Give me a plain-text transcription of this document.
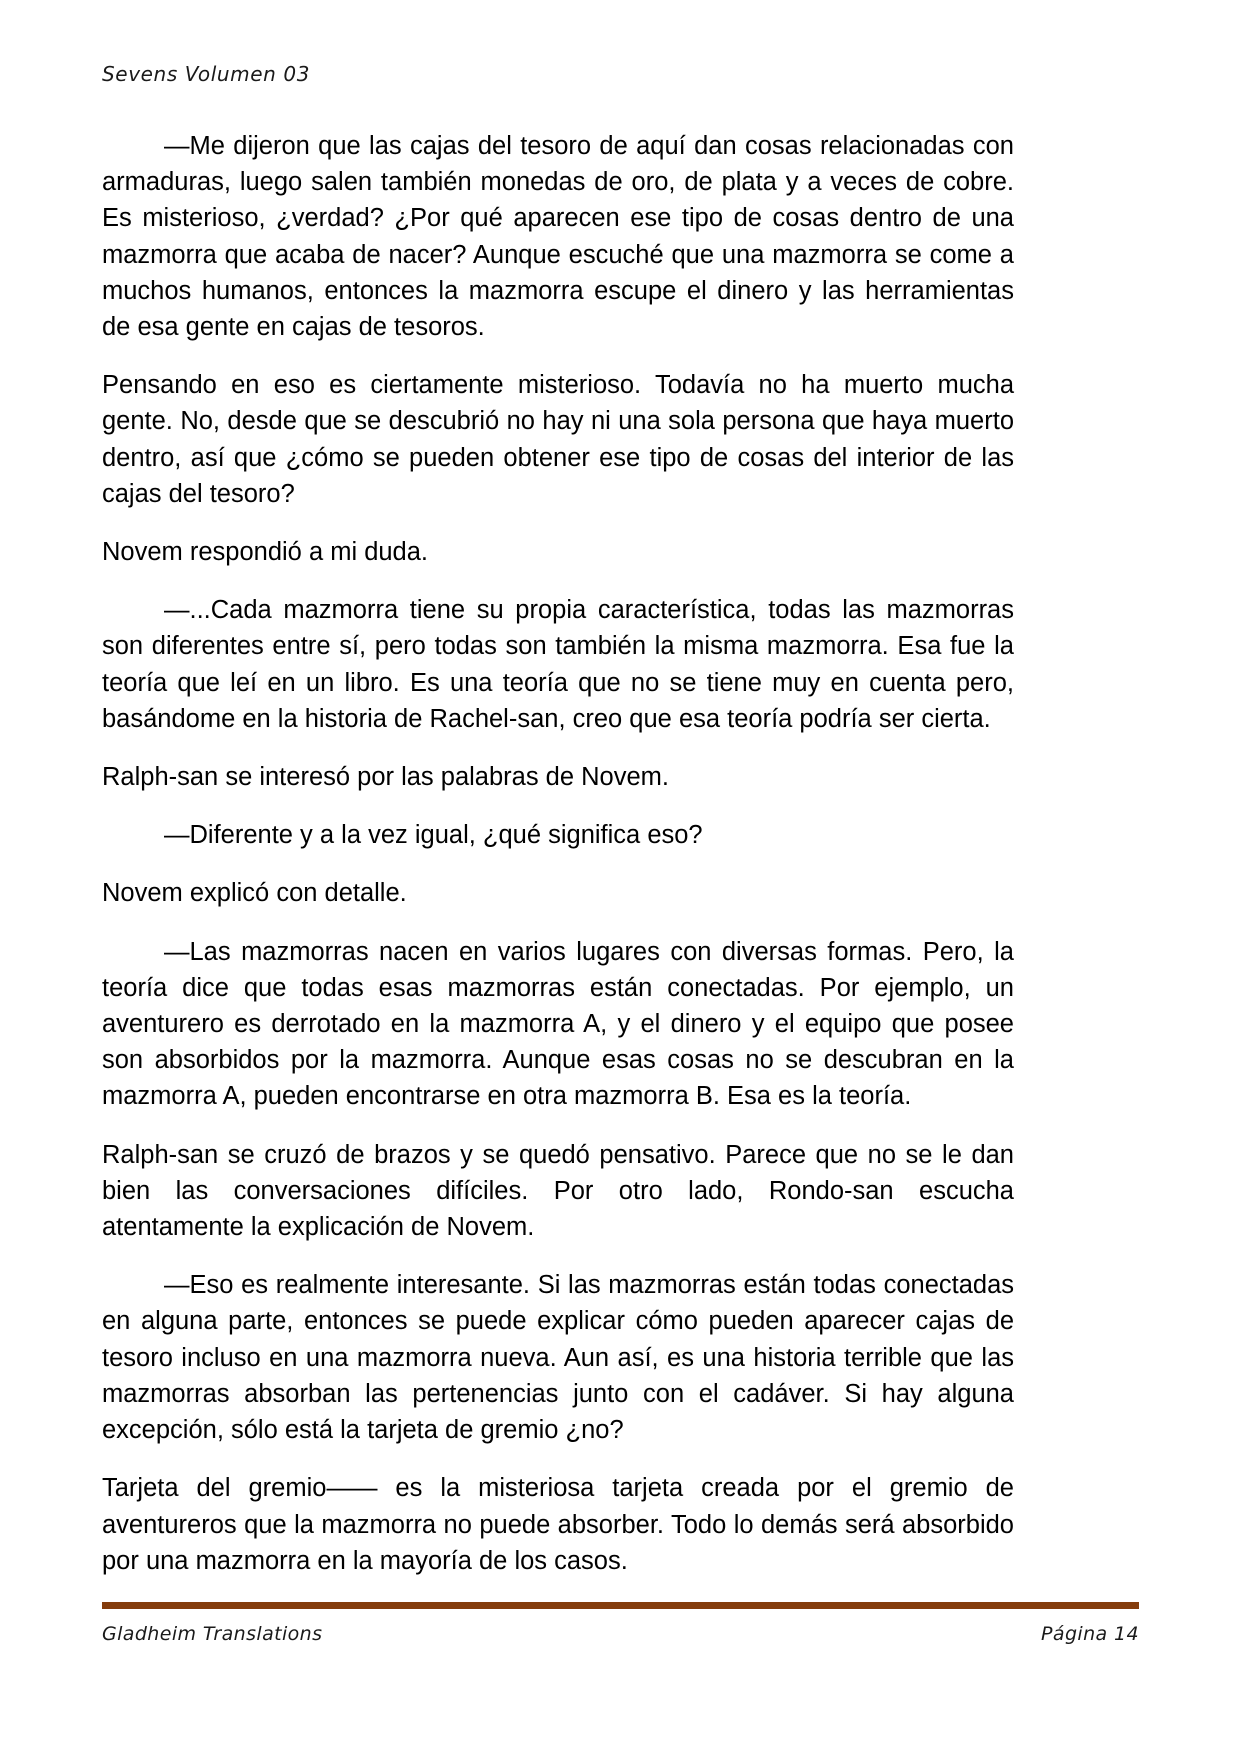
Sevens Volumen 03

—Me dijeron que las cajas del tesoro de aquí dan cosas relacionadas con armaduras, luego salen también monedas de oro, de plata y a veces de cobre. Es misterioso, ¿verdad? ¿Por qué aparecen ese tipo de cosas dentro de una mazmorra que acaba de nacer? Aunque escuché que una mazmorra se come a muchos humanos, entonces la mazmorra escupe el dinero y las herramientas de esa gente en cajas de tesoros.

Pensando en eso es ciertamente misterioso. Todavía no ha muerto mucha gente. No, desde que se descubrió no hay ni una sola persona que haya muerto dentro, así que ¿cómo se pueden obtener ese tipo de cosas del interior de las cajas del tesoro?

Novem respondió a mi duda.

—...Cada mazmorra tiene su propia característica, todas las mazmorras son diferentes entre sí, pero todas son también la misma mazmorra. Esa fue la teoría que leí en un libro. Es una teoría que no se tiene muy en cuenta pero, basándome en la historia de Rachel-san, creo que esa teoría podría ser cierta.

Ralph-san se interesó por las palabras de Novem.

—Diferente y a la vez igual, ¿qué significa eso?

Novem explicó con detalle.

—Las mazmorras nacen en varios lugares con diversas formas. Pero, la teoría dice que todas esas mazmorras están conectadas. Por ejemplo, un aventurero es derrotado en la mazmorra A, y el dinero y el equipo que posee son absorbidos por la mazmorra. Aunque esas cosas no se descubran en la mazmorra A, pueden encontrarse en otra mazmorra B. Esa es la teoría.

Ralph-san se cruzó de brazos y se quedó pensativo. Parece que no se le dan bien las conversaciones difíciles. Por otro lado, Rondo-san escucha atentamente la explicación de Novem.

—Eso es realmente interesante. Si las mazmorras están todas conectadas en alguna parte, entonces se puede explicar cómo pueden aparecer cajas de tesoro incluso en una mazmorra nueva. Aun así, es una historia terrible que las mazmorras absorban las pertenencias junto con el cadáver. Si hay alguna excepción, sólo está la tarjeta de gremio ¿no?

Tarjeta del gremio—— es la misteriosa tarjeta creada por el gremio de aventureros que la mazmorra no puede absorber. Todo lo demás será absorbido por una mazmorra en la mayoría de los casos.

Gladheim Translations	Página 14
